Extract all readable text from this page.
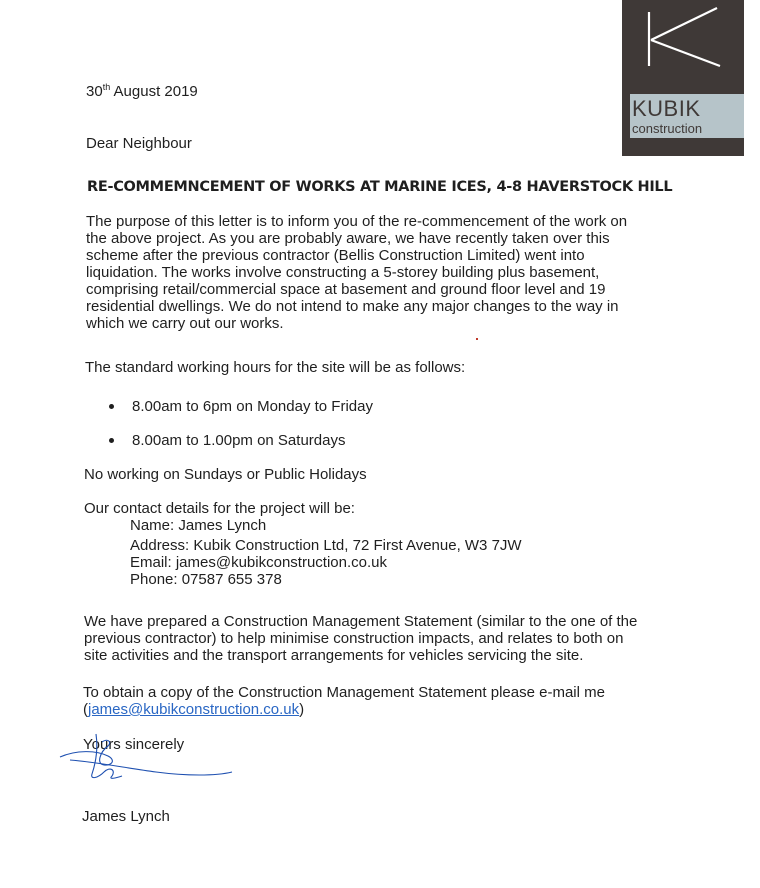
KUBIK
construction
30th August 2019
Dear Neighbour
RE-COMMEMNCEMENT OF WORKS AT MARINE ICES, 4-8 HAVERSTOCK HILL
The purpose of this letter is to inform you of the re-commencement of the work on
the above project. As you are probably aware, we have recently taken over this
scheme after the previous contractor (Bellis Construction Limited) went into
liquidation. The works involve constructing a 5-storey building plus basement,
comprising retail/commercial space at basement and ground floor level and 19
residential dwellings. We do not intend to make any major changes to the way in
which we carry out our works.
The standard working hours for the site will be as follows:
8.00am to 6pm on Monday to Friday
8.00am to 1.00pm on Saturdays
No working on Sundays or Public Holidays
Our contact details for the project will be:
Name: James Lynch
Address: Kubik Construction Ltd, 72 First Avenue, W3 7JW
Email: james@kubikconstruction.co.uk
Phone: 07587 655 378
We have prepared a Construction Management Statement (similar to the one of the
previous contractor) to help minimise construction impacts, and relates to both on
site activities and the transport arrangements for vehicles servicing the site.
To obtain a copy of the Construction Management Statement please e-mail me
(james@kubikconstruction.co.uk)
Yours sincerely
James Lynch
